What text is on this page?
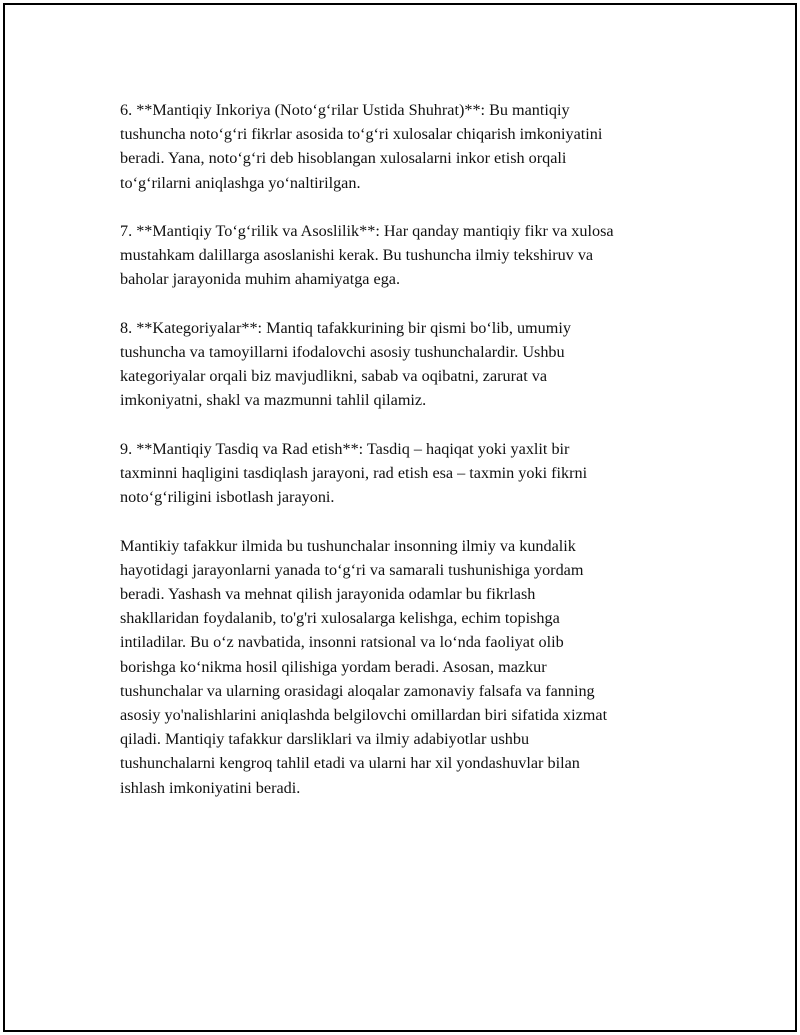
6. **Mantiqiy Inkoriya (Noto‘g‘rilar Ustida Shuhrat)**: Bu mantiqiy
tushuncha noto‘g‘ri fikrlar asosida to‘g‘ri xulosalar chiqarish imkoniyatini
beradi. Yana, noto‘g‘ri deb hisoblangan xulosalarni inkor etish orqali
to‘g‘rilarni aniqlashga yo‘naltirilgan.

7. **Mantiqiy To‘g‘rilik va Asoslilik**: Har qanday mantiqiy fikr va xulosa
mustahkam dalillarga asoslanishi kerak. Bu tushuncha ilmiy tekshiruv va
baholar jarayonida muhim ahamiyatga ega.

8. **Kategoriyalar**: Mantiq tafakkurining bir qismi bo‘lib, umumiy
tushuncha va tamoyillarni ifodalovchi asosiy tushunchalardir. Ushbu
kategoriyalar orqali biz mavjudlikni, sabab va oqibatni, zarurat va
imkoniyatni, shakl va mazmunni tahlil qilamiz.

9. **Mantiqiy Tasdiq va Rad etish**: Tasdiq – haqiqat yoki yaxlit bir
taxminni haqligini tasdiqlash jarayoni, rad etish esa – taxmin yoki fikrni
noto‘g‘riligini isbotlash jarayoni.

Mantikiy tafakkur ilmida bu tushunchalar insonning ilmiy va kundalik
hayotidagi jarayonlarni yanada to‘g‘ri va samarali tushunishiga yordam
beradi. Yashash va mehnat qilish jarayonida odamlar bu fikrlash
shakllaridan foydalanib, to'g'ri xulosalarga kelishga, echim topishga
intiladilar. Bu o‘z navbatida, insonni ratsional va lo‘nda faoliyat olib
borishga ko‘nikma hosil qilishiga yordam beradi. Asosan, mazkur
tushunchalar va ularning orasidagi aloqalar zamonaviy falsafa va fanning
asosiy yo'nalishlarini aniqlashda belgilovchi omillardan biri sifatida xizmat
qiladi. Mantiqiy tafakkur darsliklari va ilmiy adabiyotlar ushbu
tushunchalarni kengroq tahlil etadi va ularni har xil yondashuvlar bilan
ishlash imkoniyatini beradi.
